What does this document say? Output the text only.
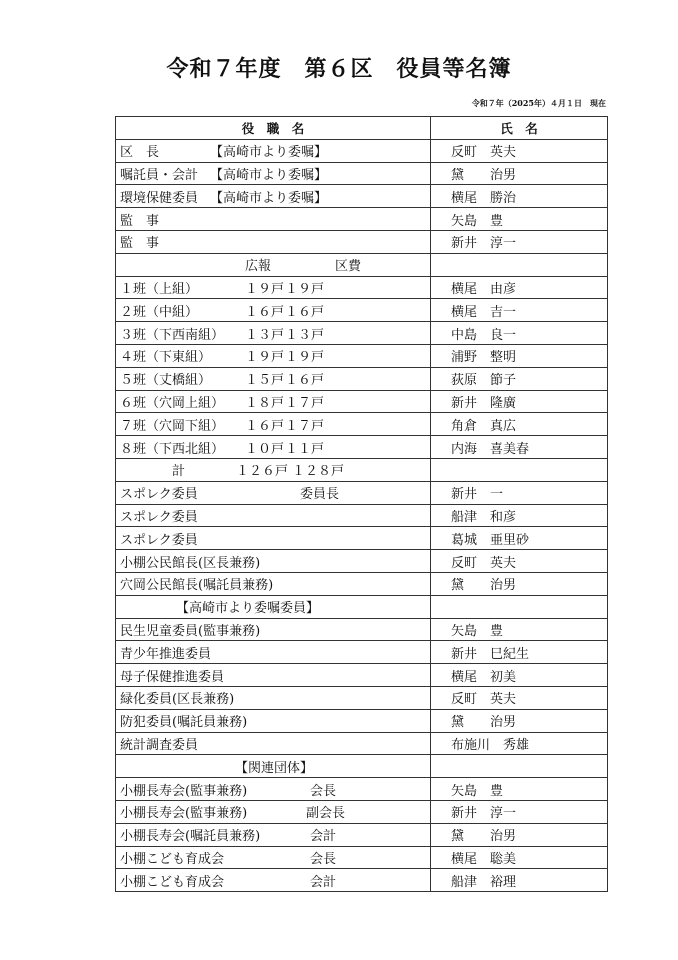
令和７年度　第６区　役員等名簿
令和７年（2025年）４月１日　現在
役　職　名	氏　名
区　長 【高崎市より委嘱】	反町　英夫
嘱託員・会計 【高崎市より委嘱】	黛　　治男
環境保健委員 【高崎市より委嘱】	横尾　勝治
監　事	矢島　豊
監　事	新井　淳一
広報 区費	
１班（上組） １９戸１９戸	横尾　由彦
２班（中組） １６戸１６戸	横尾　吉一
３班（下西南組） １３戸１３戸	中島　良一
４班（下東組） １９戸１９戸	浦野　整明
５班（丈橋組） １５戸１６戸	荻原　節子
６班（穴岡上組） １８戸１７戸	新井　隆廣
７班（穴岡下組） １６戸１７戸	角倉　真広
８班（下西北組） １０戸１１戸	内海　喜美春
計 １２６戸 １２８戸	
スポレク委員 委員長	新井　一
スポレク委員	船津　和彦
スポレク委員	葛城　亜里砂
小棚公民館長(区長兼務)	反町　英夫
穴岡公民館長(嘱託員兼務)	黛　　治男
【高崎市より委嘱委員】	
民生児童委員(監事兼務)	矢島　豊
青少年推進委員	新井　巳紀生
母子保健推進委員	横尾　初美
緑化委員(区長兼務)	反町　英夫
防犯委員(嘱託員兼務)	黛　　治男
統計調査委員	布施川　秀雄
【関連団体】	
小棚長寿会(監事兼務) 会長	矢島　豊
小棚長寿会(監事兼務) 副会長	新井　淳一
小棚長寿会(嘱託員兼務) 会計	黛　　治男
小棚こども育成会 会長	横尾　聡美
小棚こども育成会 会計	船津　裕理
